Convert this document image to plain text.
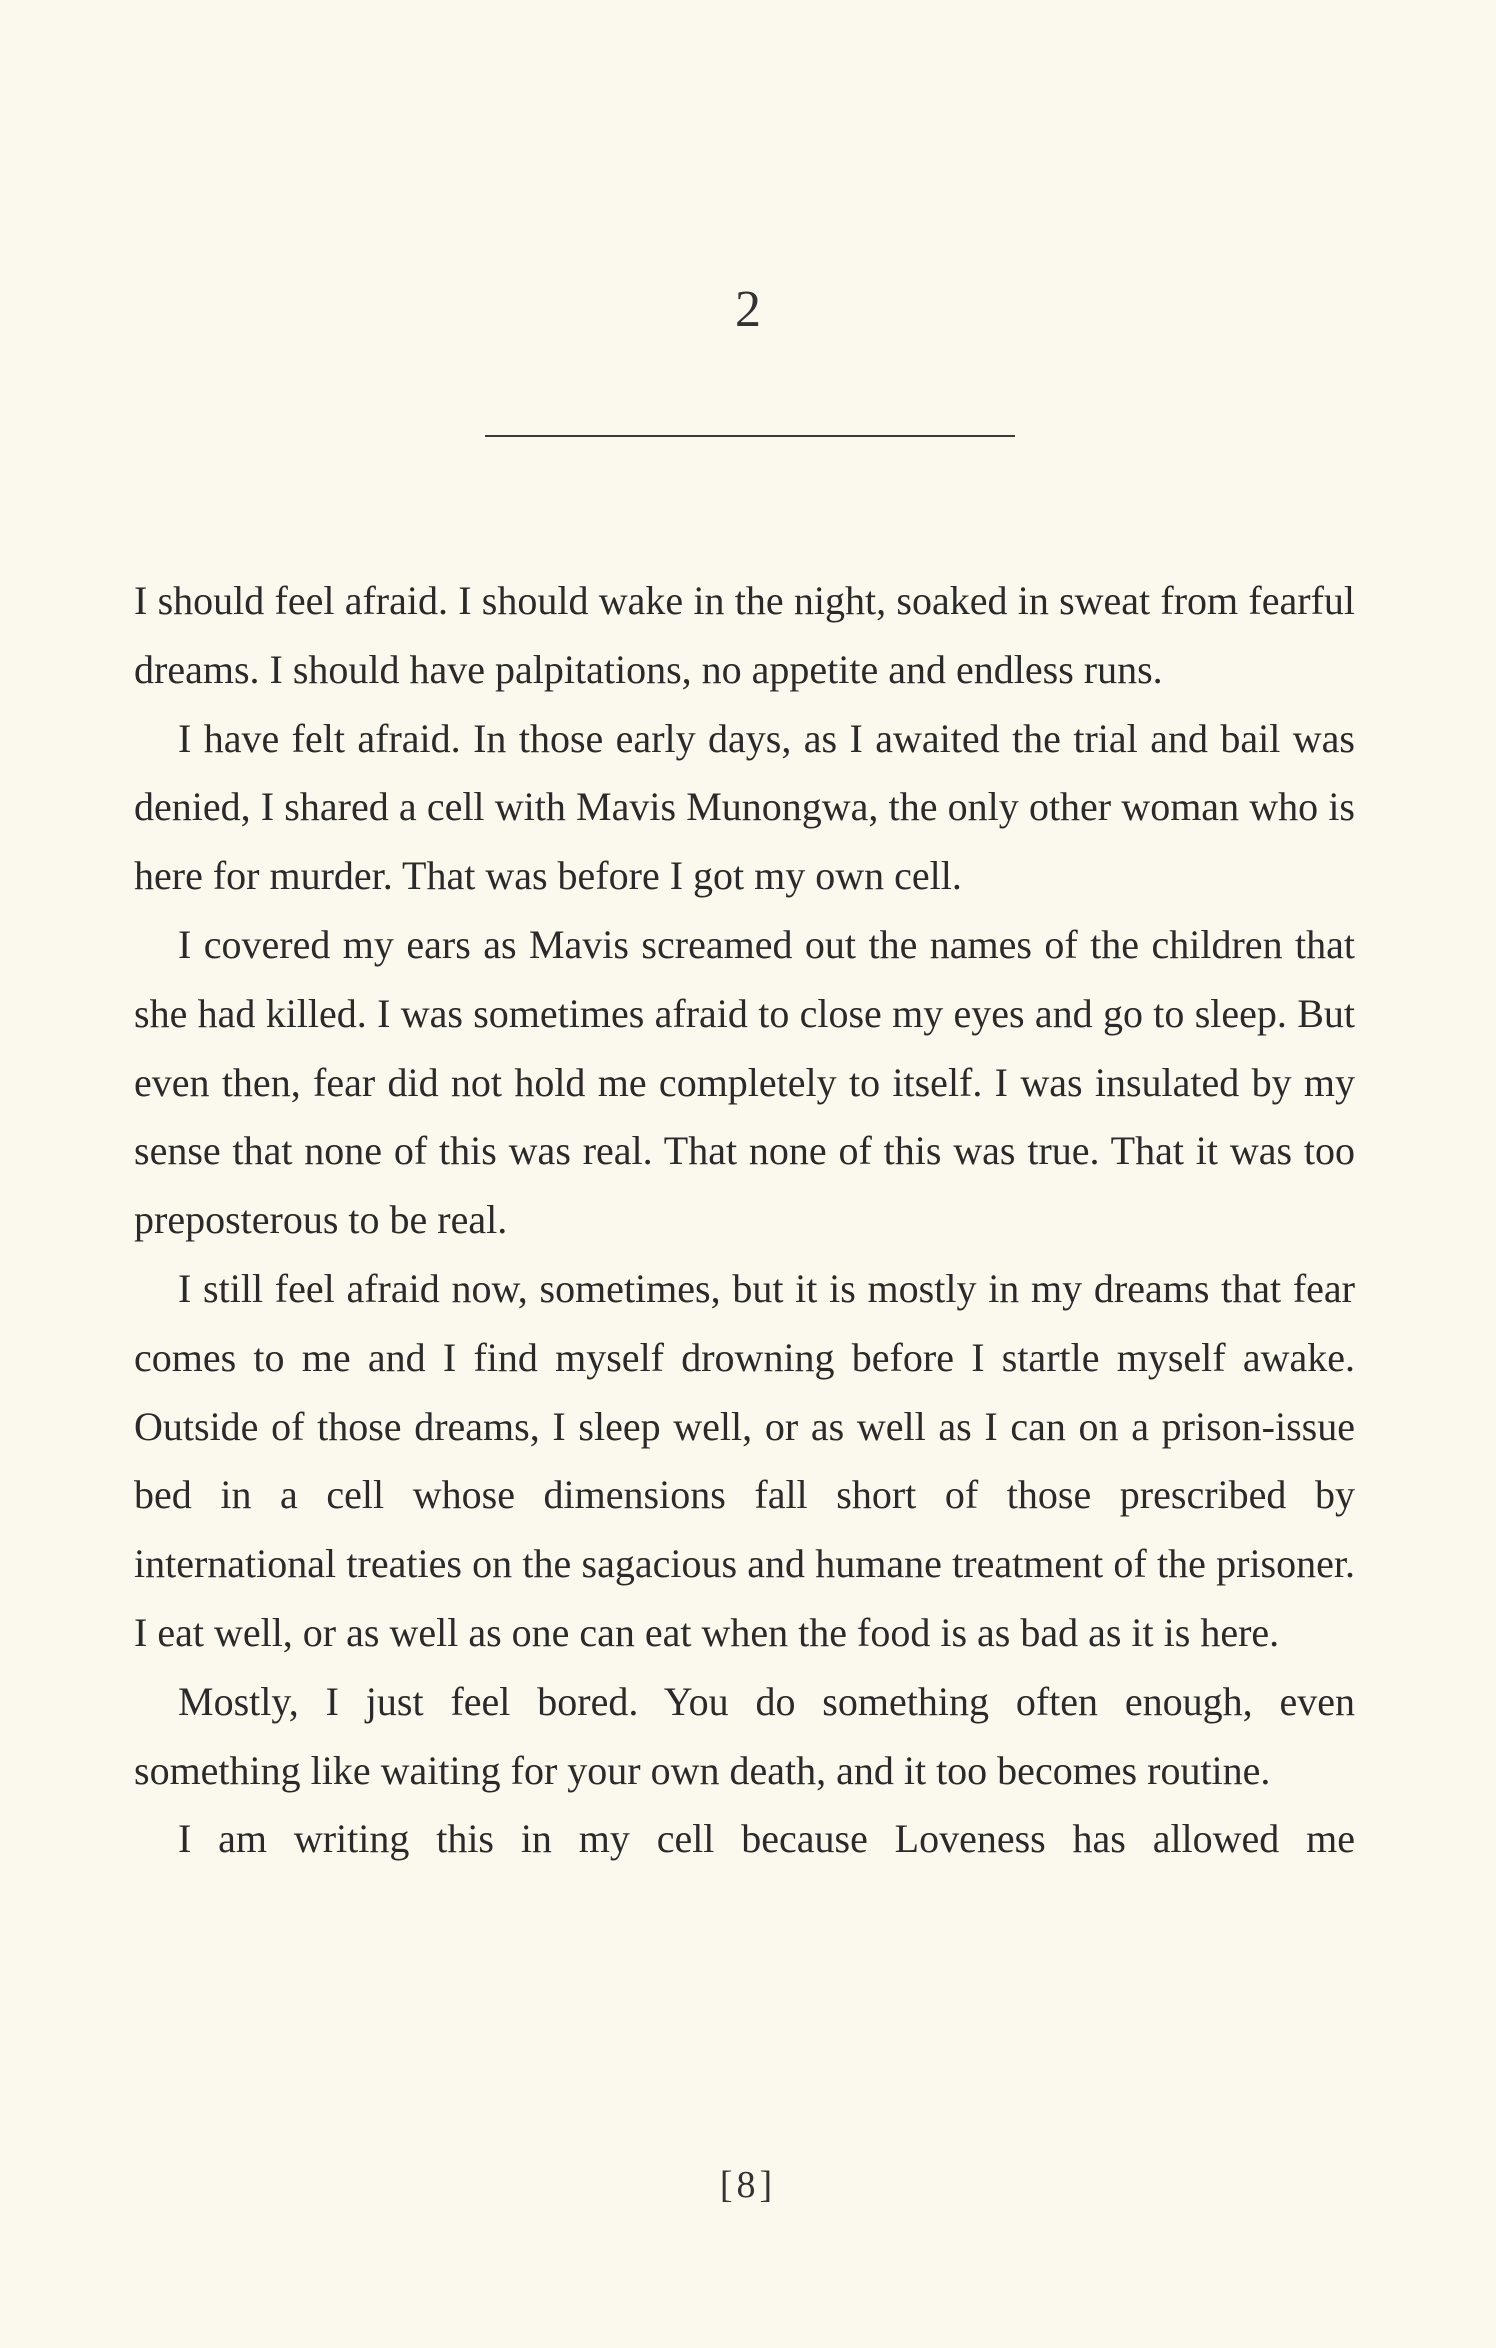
2

I should feel afraid. I should wake in the night, soaked in sweat from fearful dreams. I should have palpitations, no appetite and endless runs.

I have felt afraid. In those early days, as I awaited the trial and bail was denied, I shared a cell with Mavis Munongwa, the only other woman who is here for murder. That was before I got my own cell.

I covered my ears as Mavis screamed out the names of the children that she had killed. I was sometimes afraid to close my eyes and go to sleep. But even then, fear did not hold me completely to itself. I was insulated by my sense that none of this was real. That none of this was true. That it was too preposterous to be real.

I still feel afraid now, sometimes, but it is mostly in my dreams that fear comes to me and I find myself drowning before I startle myself awake. Outside of those dreams, I sleep well, or as well as I can on a prison-issue bed in a cell whose dimensions fall short of those prescribed by international treaties on the sagacious and humane treatment of the prisoner. I eat well, or as well as one can eat when the food is as bad as it is here.

Mostly, I just feel bored. You do something often enough, even something like waiting for your own death, and it too becomes routine.

I am writing this in my cell because Loveness has allowed me

[8]
